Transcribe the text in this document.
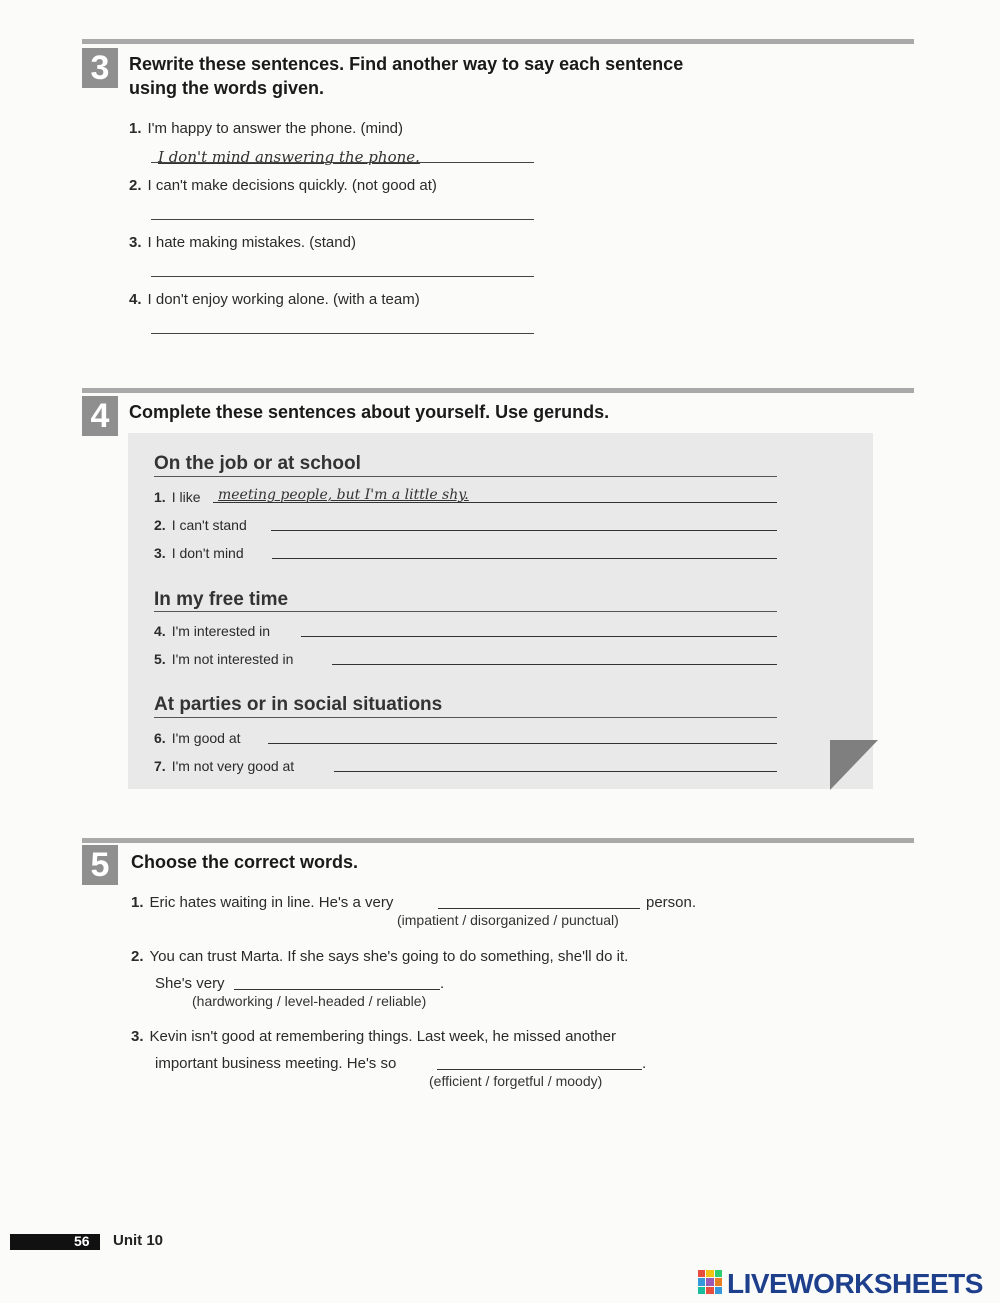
3	Rewrite these sentences. Find another way to say each sentence
using the words given.
1. I'm happy to answer the phone. (mind)
I don't mind answering the phone.
2. I can't make decisions quickly. (not good at)
3. I hate making mistakes. (stand)
4. I don't enjoy working alone. (with a team)
4	Complete these sentences about yourself. Use gerunds.
On the job or at school
1. I like meeting people, but I'm a little shy.
2. I can't stand
3. I don't mind
In my free time
4. I'm interested in
5. I'm not interested in
At parties or in social situations
6. I'm good at
7. I'm not very good at
5	Choose the correct words.
1. Eric hates waiting in line. He's a very	person.
(impatient / disorganized / punctual)
2. You can trust Marta. If she says she's going to do something, she'll do it.
She's very	.
(hardworking / level-headed / reliable)
3. Kevin isn't good at remembering things. Last week, he missed another
important business meeting. He's so	.
(efficient / forgetful / moody)
56 Unit 10
LIVEWORKSHEETS
